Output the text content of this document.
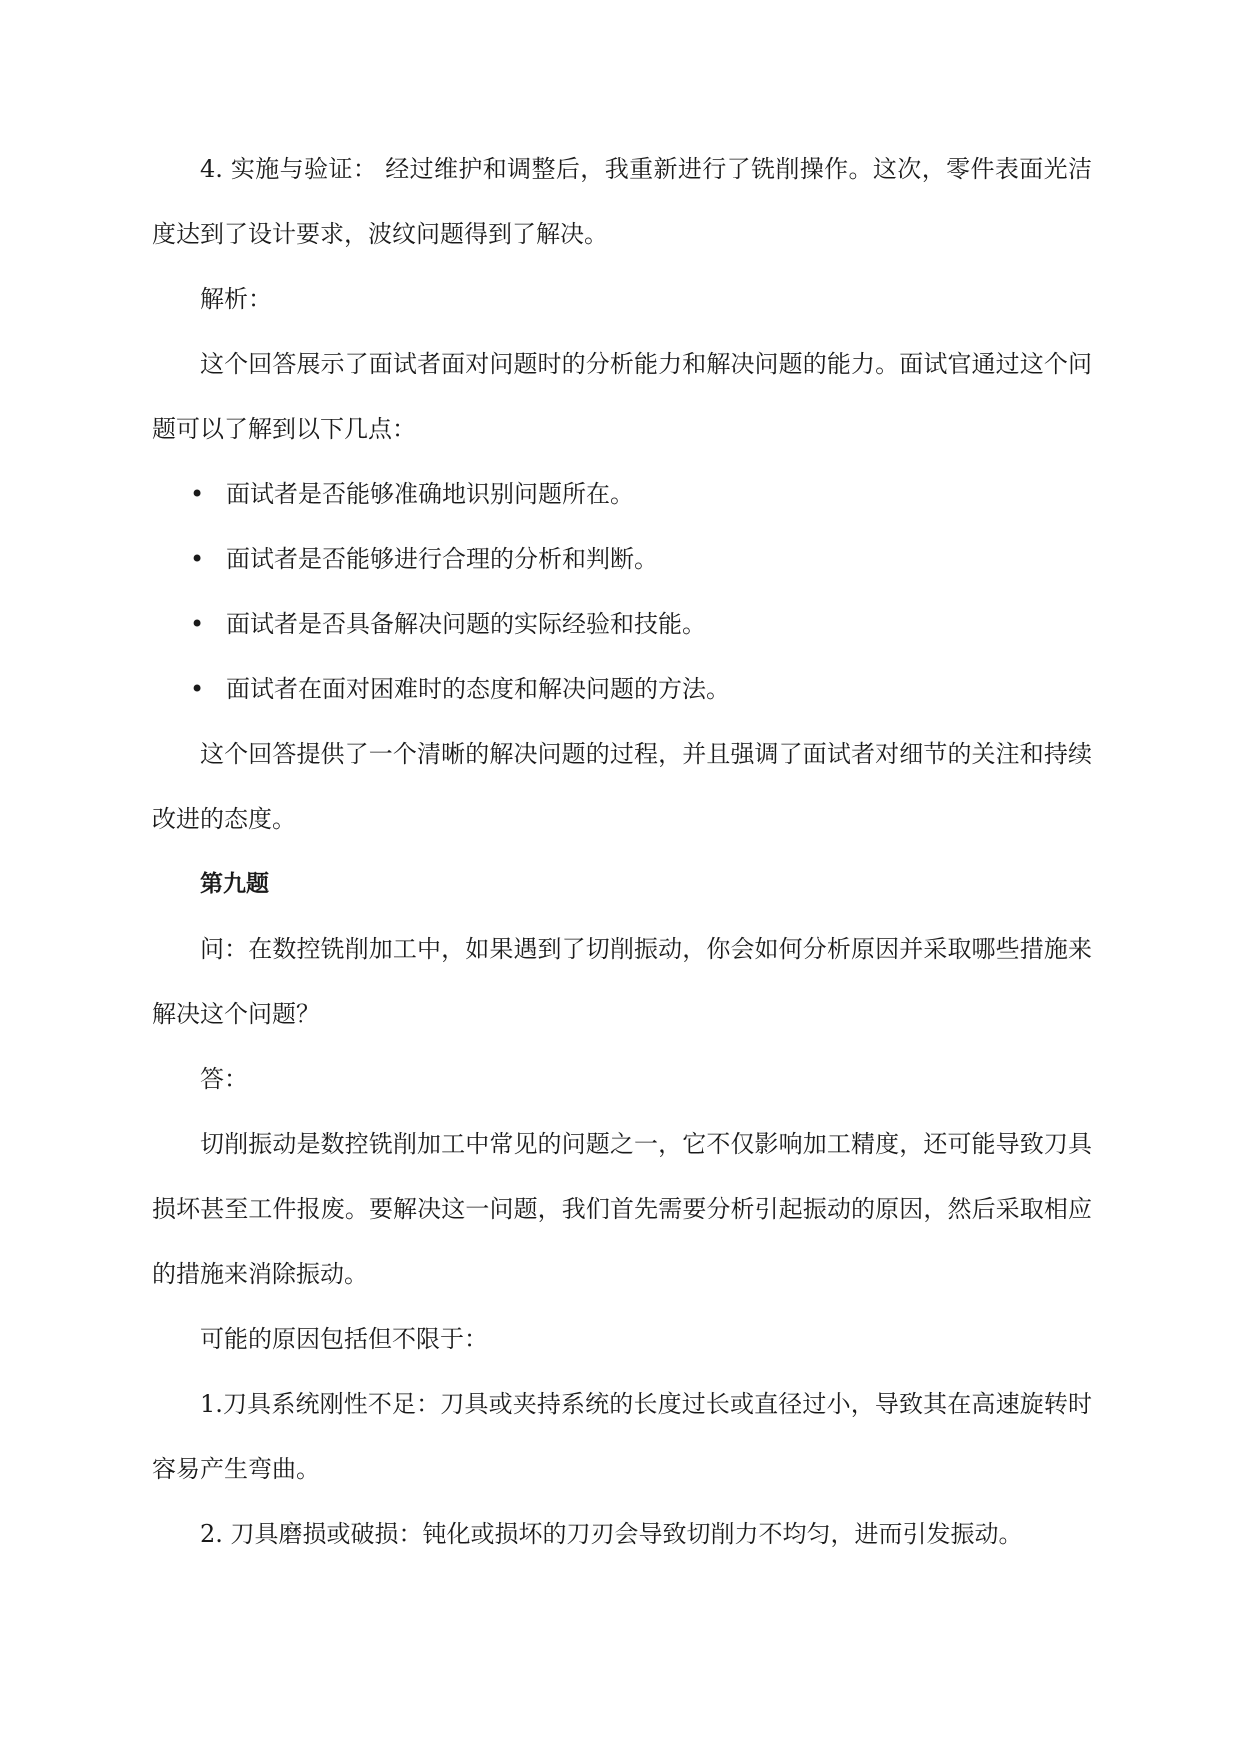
4. 实施与验证： 经过维护和调整后，我重新进行了铣削操作。这次，零件表面光洁度达到了设计要求，波纹问题得到了解决。

解析：

这个回答展示了面试者面对问题时的分析能力和解决问题的能力。面试官通过这个问题可以了解到以下几点：

• 面试者是否能够准确地识别问题所在。
• 面试者是否能够进行合理的分析和判断。
• 面试者是否具备解决问题的实际经验和技能。
• 面试者在面对困难时的态度和解决问题的方法。

这个回答提供了一个清晰的解决问题的过程，并且强调了面试者对细节的关注和持续改进的态度。

第九题

问：在数控铣削加工中，如果遇到了切削振动，你会如何分析原因并采取哪些措施来解决这个问题？

答：

切削振动是数控铣削加工中常见的问题之一，它不仅影响加工精度，还可能导致刀具损坏甚至工件报废。要解决这一问题，我们首先需要分析引起振动的原因，然后采取相应的措施来消除振动。

可能的原因包括但不限于：

1.刀具系统刚性不足：刀具或夹持系统的长度过长或直径过小，导致其在高速旋转时容易产生弯曲。

2. 刀具磨损或破损：钝化或损坏的刀刃会导致切削力不均匀，进而引发振动。
